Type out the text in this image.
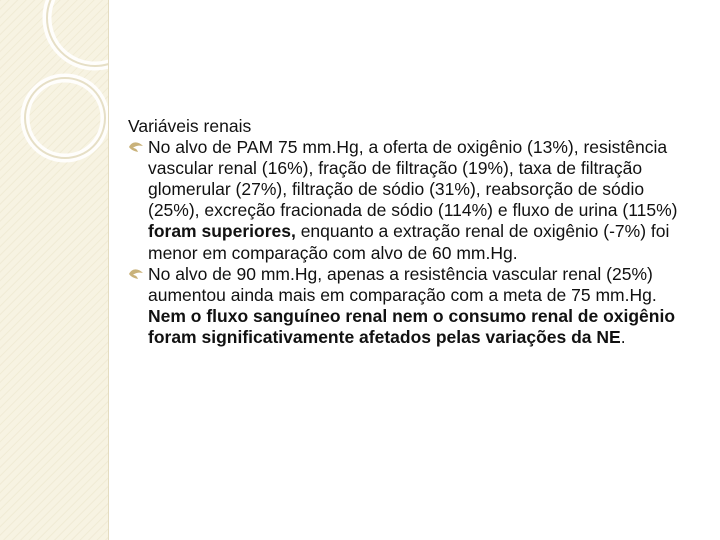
Variáveis renais

No alvo de PAM 75 mm.Hg, a oferta de oxigênio (13%), resistência vascular renal (16%), fração de filtração (19%), taxa de filtração glomerular (27%), filtração de sódio (31%), reabsorção de sódio (25%), excreção fracionada de sódio (114%) e fluxo de urina (115%) foram superiores, enquanto a extração renal de oxigênio (-7%) foi menor em comparação com alvo de 60 mm.Hg.

No alvo de 90 mm.Hg, apenas a resistência vascular renal (25%) aumentou ainda mais em comparação com a meta de 75 mm.Hg. Nem o fluxo sanguíneo renal nem o consumo renal de oxigênio foram significativamente afetados pelas variações da NE.
